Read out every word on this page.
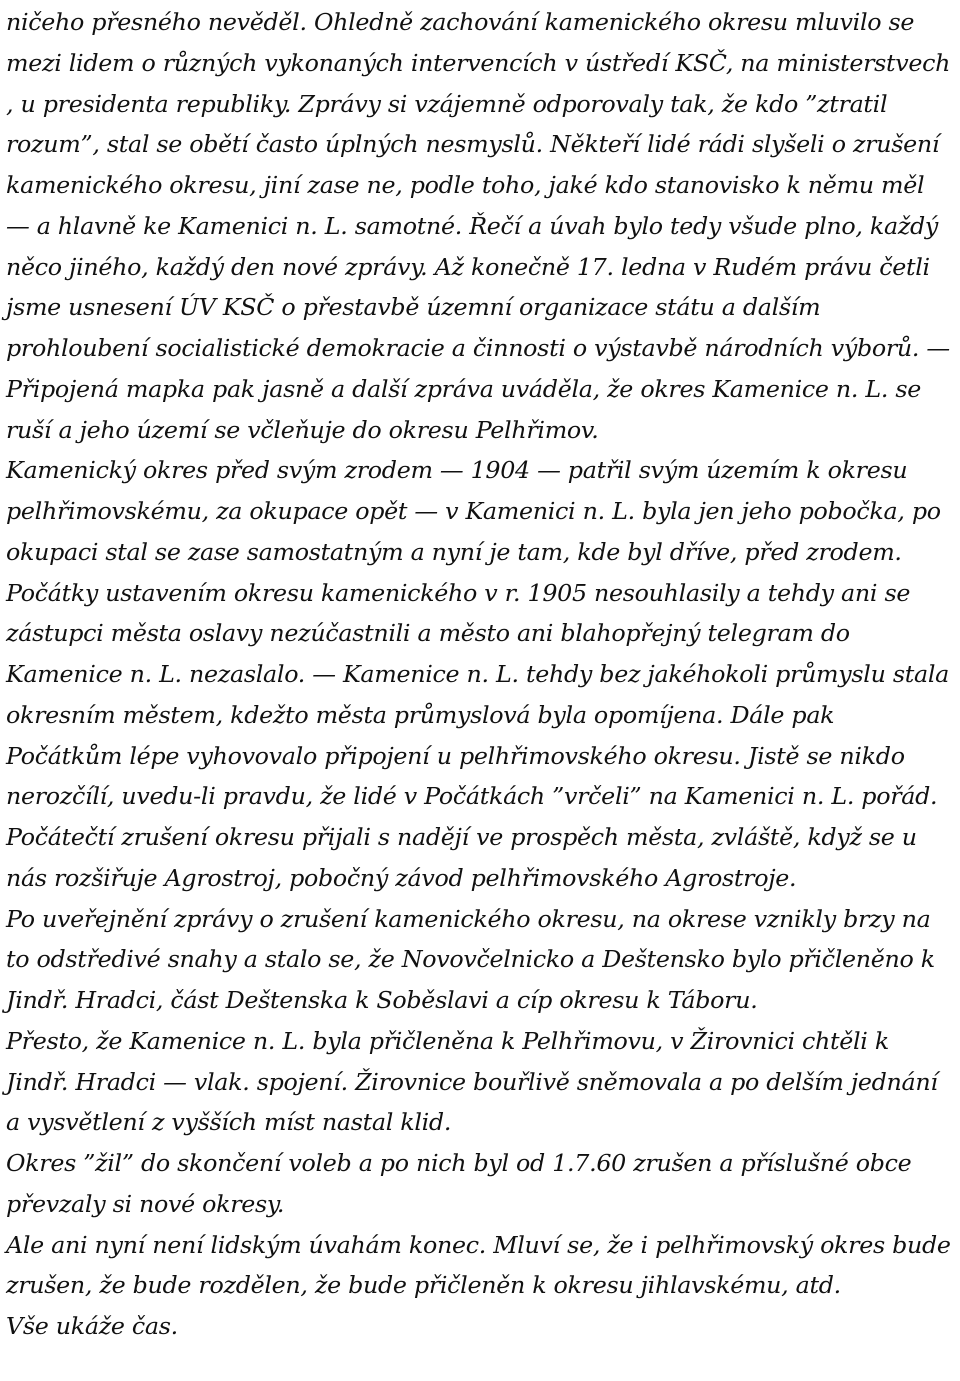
ničeho přesného nevěděl. Ohledně zachování kamenického okresu mluvilo se mezi lidem o různých vykonaných intervencích v ústředí KSČ, na ministerstvech , u presidenta republiky. Zprávy si vzájemně odporovaly tak, že kdo ”ztratil rozum”, stal se obětí často úplných nesmyslů. Někteří lidé rádi slyšeli o zrušení kamenického okresu, jiní zase ne, podle toho, jaké kdo stanovisko k němu měl — a hlavně ke Kamenici n. L. samotné. Řečí a úvah bylo tedy všude plno, každý něco jiného, každý den nové zprávy. Až konečně 17. ledna v Rudém právu četli jsme usnesení ÚV KSČ o přestavbě územní organizace státu a dalším prohloubení socialistické demokracie a činnosti o výstavbě národních výborů. — Připojená mapka pak jasně a další zpráva uváděla, že okres Kamenice n. L. se ruší a jeho území se včleňuje do okresu Pelhřimov.

Kamenický okres před svým zrodem — 1904 — patřil svým územím k okresu pelhřimovskému, za okupace opět — v Kamenici n. L. byla jen jeho pobočka, po okupaci stal se zase samostatným a nyní je tam, kde byl dříve, před zrodem.

Počátky ustavením okresu kamenického v r. 1905 nesouhlasily a tehdy ani se zástupci města oslavy nezúčastnili a město ani blahopřejný telegram do Kamenice n. L. nezaslalo. — Kamenice n. L. tehdy bez jakéhokoli průmyslu stala okresním městem, kdežto města průmyslová byla opomíjena. Dále pak Počátkům lépe vyhovovalo připojení u pelhřimovského okresu. Jistě se nikdo nerozčílí, uvedu-li pravdu, že lidé v Počátkách ”vrčeli” na Kamenici n. L. pořád.

Počátečtí zrušení okresu přijali s nadějí ve prospěch města, zvláště, když se u nás rozšiřuje Agrostroj, pobočný závod pelhřimovského Agrostroje.

Po uveřejnění zprávy o zrušení kamenického okresu, na okrese vznikly brzy na to odstředivé snahy a stalo se, že Novovčelnicko a Deštensko bylo přičleněno k Jindř. Hradci, část Deštenska k Soběslavi a cíp okresu k Táboru.

Přesto, že Kamenice n. L. byla přičleněna k Pelhřimovu, v Žirovnici chtěli k Jindř. Hradci — vlak. spojení. Žirovnice bouřlivě sněmovala a po delším jednání a vysvětlení z vyšších míst nastal klid.

Okres ”žil” do skončení voleb a po nich byl od 1.7.60 zrušen a příslušné obce převzaly si nové okresy.

Ale ani nyní není lidským úvahám konec. Mluví se, že i pelhřimovský okres bude zrušen, že bude rozdělen, že bude přičleněn k okresu jihlavskému, atd.

Vše ukáže čas.
